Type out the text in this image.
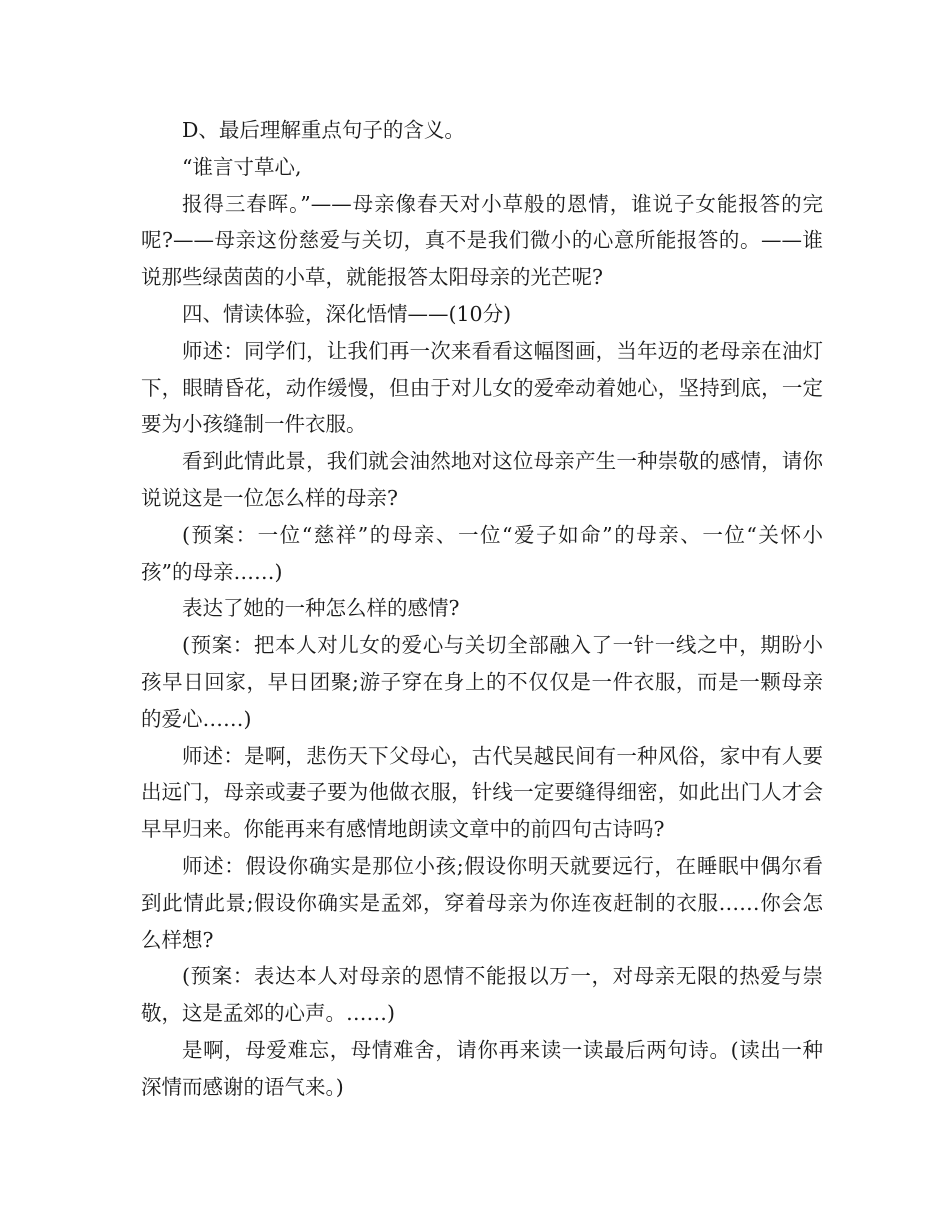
D、最后理解重点句子的含义。

“谁言寸草心,

报得三春晖。”——母亲像春天对小草般的恩情，谁说子女能报答的完呢?——母亲这份慈爱与关切，真不是我们微小的心意所能报答的。——谁说那些绿茵茵的小草，就能报答太阳母亲的光芒呢?

四、情读体验，深化悟情——(10分)

师述：同学们，让我们再一次来看看这幅图画，当年迈的老母亲在油灯下，眼睛昏花，动作缓慢，但由于对儿女的爱牵动着她心，坚持到底，一定要为小孩缝制一件衣服。

看到此情此景，我们就会油然地对这位母亲产生一种崇敬的感情，请你说说这是一位怎么样的母亲?

(预案：一位“慈祥”的母亲、一位“爱子如命”的母亲、一位“关怀小孩”的母亲……)

表达了她的一种怎么样的感情?

(预案：把本人对儿女的爱心与关切全部融入了一针一线之中，期盼小孩早日回家，早日团聚;游子穿在身上的不仅仅是一件衣服，而是一颗母亲的爱心……)

师述：是啊，悲伤天下父母心，古代吴越民间有一种风俗，家中有人要出远门，母亲或妻子要为他做衣服，针线一定要缝得细密，如此出门人才会早早归来。你能再来有感情地朗读文章中的前四句古诗吗?

师述：假设你确实是那位小孩;假设你明天就要远行，在睡眠中偶尔看到此情此景;假设你确实是孟郊，穿着母亲为你连夜赶制的衣服……你会怎么样想?

(预案：表达本人对母亲的恩情不能报以万一，对母亲无限的热爱与崇敬，这是孟郊的心声。……)

是啊，母爱难忘，母情难舍，请你再来读一读最后两句诗。(读出一种深情而感谢的语气来。)
